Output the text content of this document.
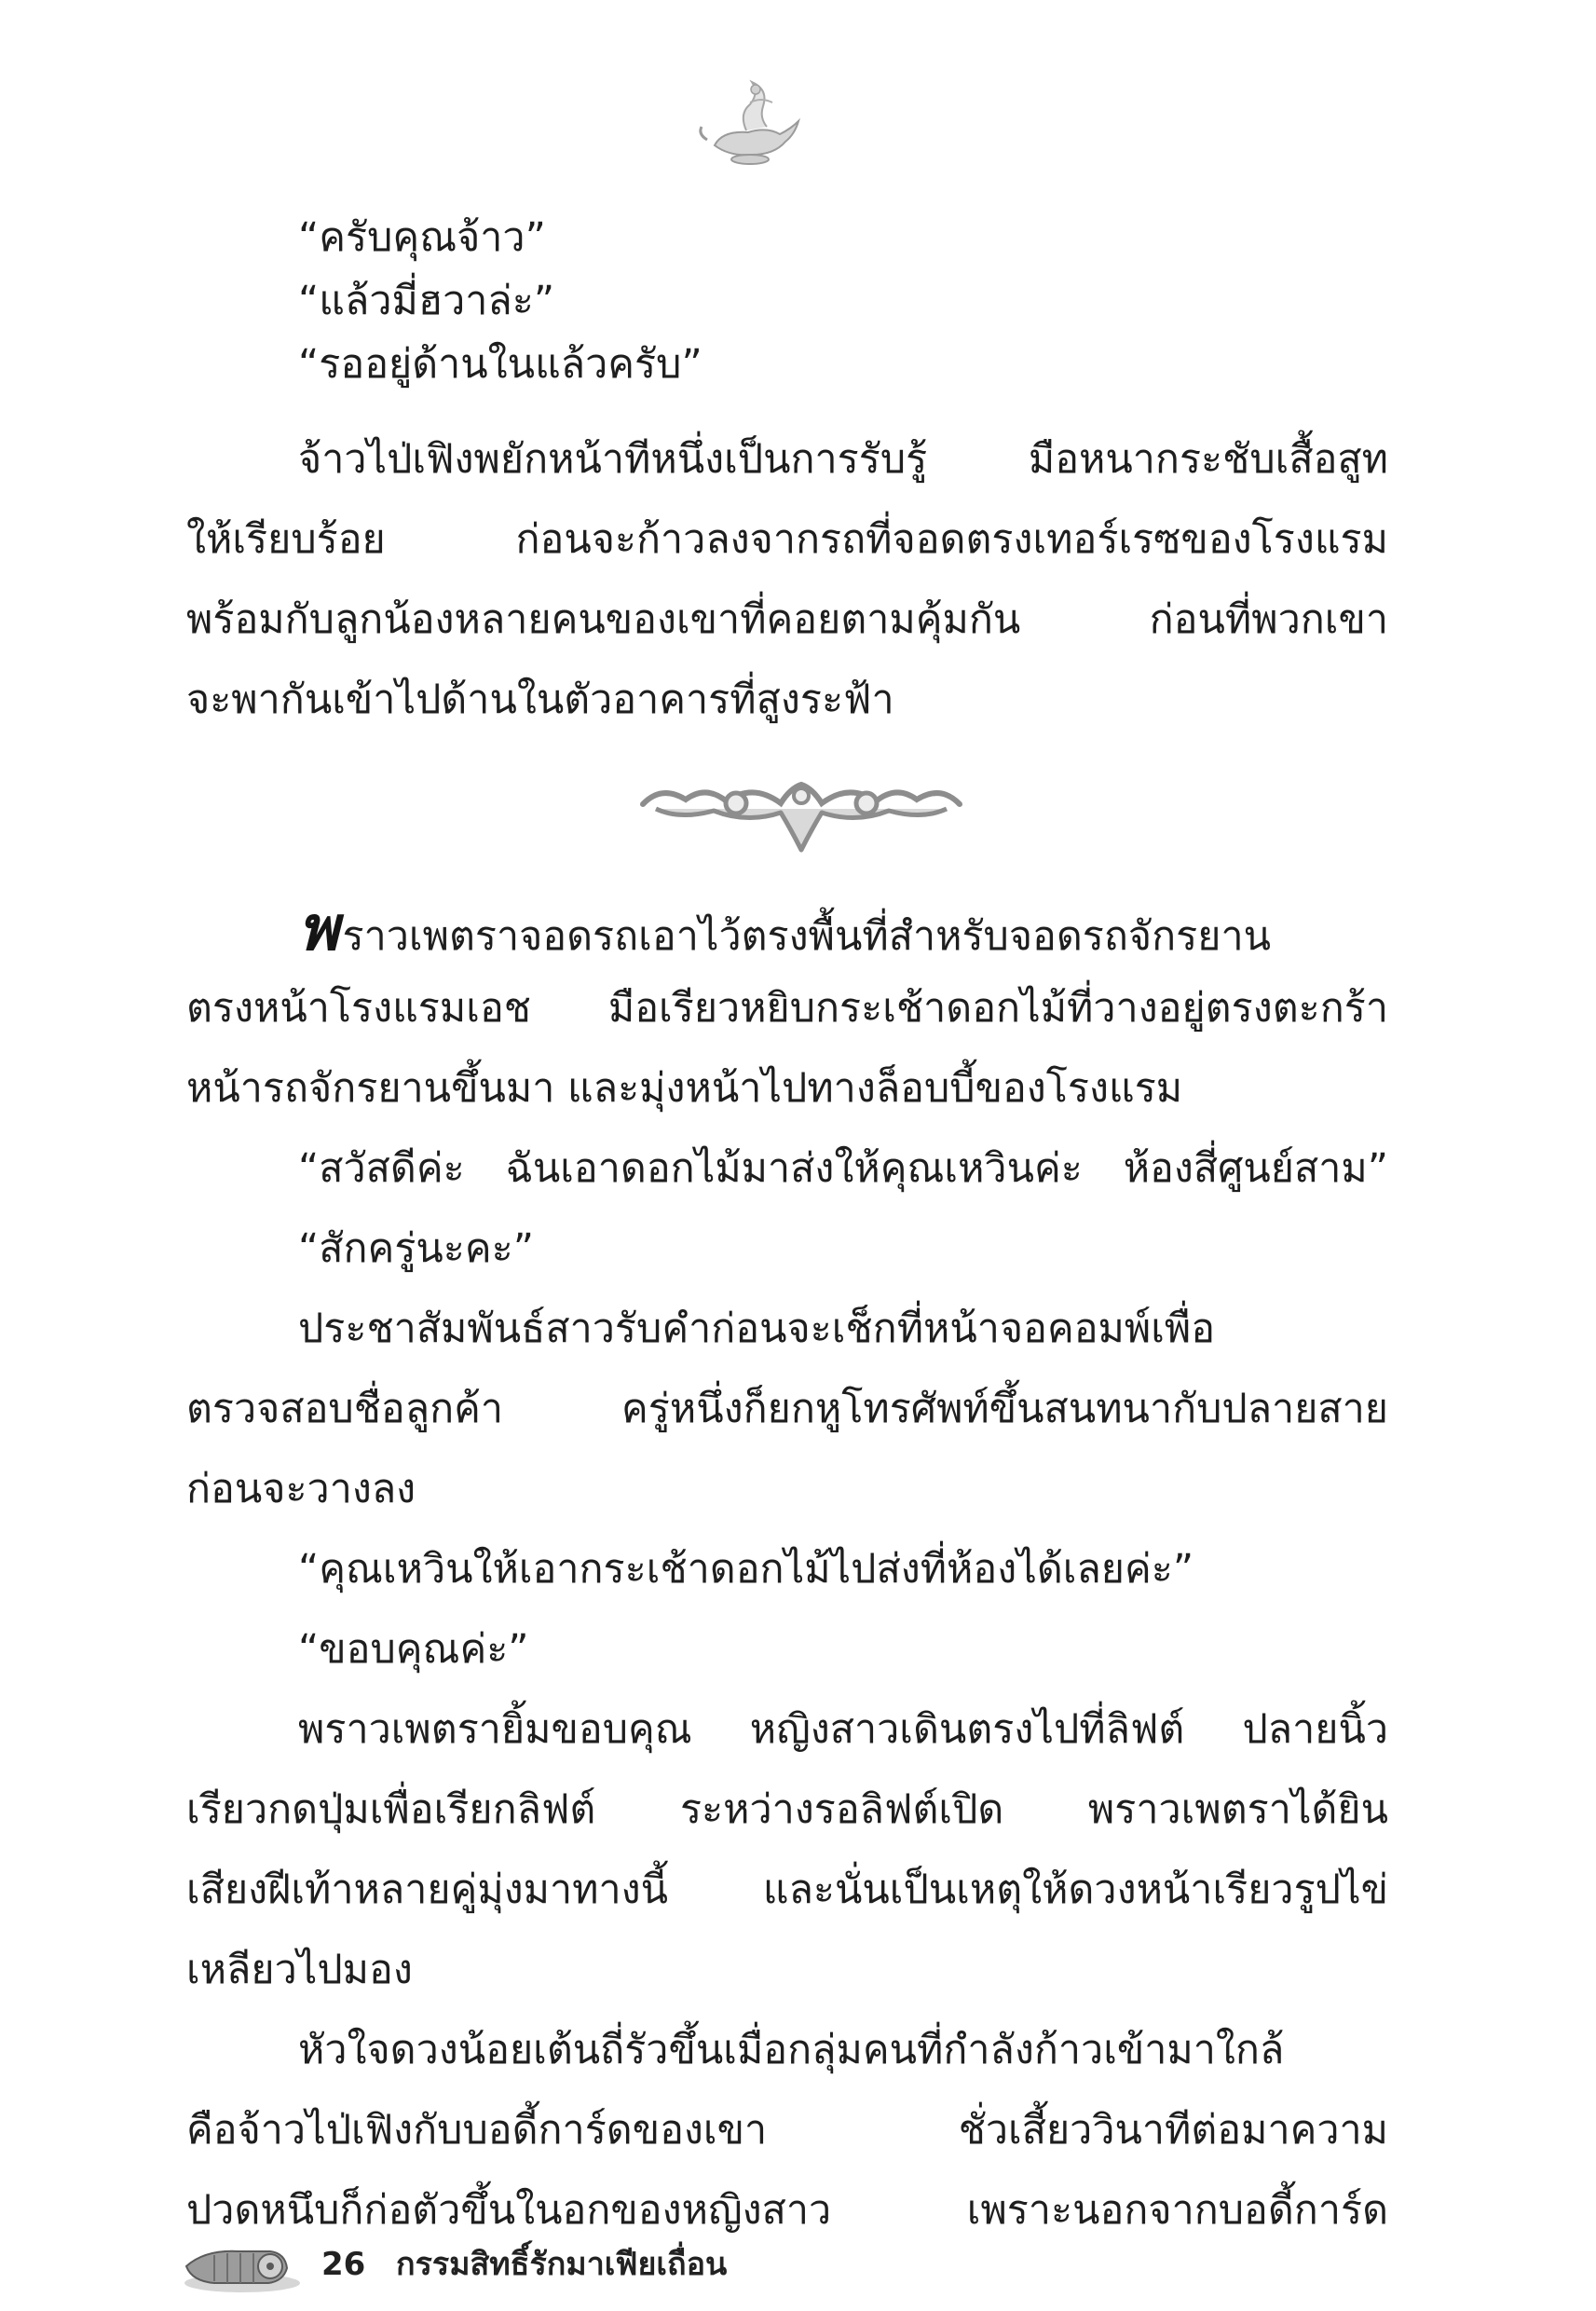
“ครับคุณจ้าว”
“แล้วมี่ฮวาล่ะ”
“รออยู่ด้านในแล้วครับ”
จ้าวไป่เฟิงพยักหน้าทีหนึ่งเป็นการรับรู้ มือหนากระชับเสื้อสูท
ให้เรียบร้อย ก่อนจะก้าวลงจากรถที่จอดตรงเทอร์เรซของโรงแรม
พร้อมกับลูกน้องหลายคนของเขาที่คอยตามคุ้มกัน ก่อนที่พวกเขา
จะพากันเข้าไปด้านในตัวอาคารที่สูงระฟ้า
พราวเพตราจอดรถเอาไว้ตรงพื้นที่สำหรับจอดรถจักรยาน
ตรงหน้าโรงแรมเอช มือเรียวหยิบกระเช้าดอกไม้ที่วางอยู่ตรงตะกร้า
หน้ารถจักรยานขึ้นมา และมุ่งหน้าไปทางล็อบบี้ของโรงแรม
“สวัสดีค่ะ ฉันเอาดอกไม้มาส่งให้คุณเหวินค่ะ ห้องสี่ศูนย์สาม”
“สักครู่นะคะ”
ประชาสัมพันธ์สาวรับคำก่อนจะเช็กที่หน้าจอคอมพ์เพื่อ
ตรวจสอบชื่อลูกค้า ครู่หนึ่งก็ยกหูโทรศัพท์ขึ้นสนทนากับปลายสาย
ก่อนจะวางลง
“คุณเหวินให้เอากระเช้าดอกไม้ไปส่งที่ห้องได้เลยค่ะ”
“ขอบคุณค่ะ”
พราวเพตรายิ้มขอบคุณ หญิงสาวเดินตรงไปที่ลิฟต์ ปลายนิ้ว
เรียวกดปุ่มเพื่อเรียกลิฟต์ ระหว่างรอลิฟต์เปิด พราวเพตราได้ยิน
เสียงฝีเท้าหลายคู่มุ่งมาทางนี้ และนั่นเป็นเหตุให้ดวงหน้าเรียวรูปไข่
เหลียวไปมอง
หัวใจดวงน้อยเต้นถี่รัวขึ้นเมื่อกลุ่มคนที่กำลังก้าวเข้ามาใกล้
คือจ้าวไป่เฟิงกับบอดี้การ์ดของเขา ชั่วเสี้ยววินาทีต่อมาความ
ปวดหนึบก็ก่อตัวขึ้นในอกของหญิงสาว เพราะนอกจากบอดี้การ์ด
26 กรรมสิทธิ์รักมาเฟียเถื่อน
